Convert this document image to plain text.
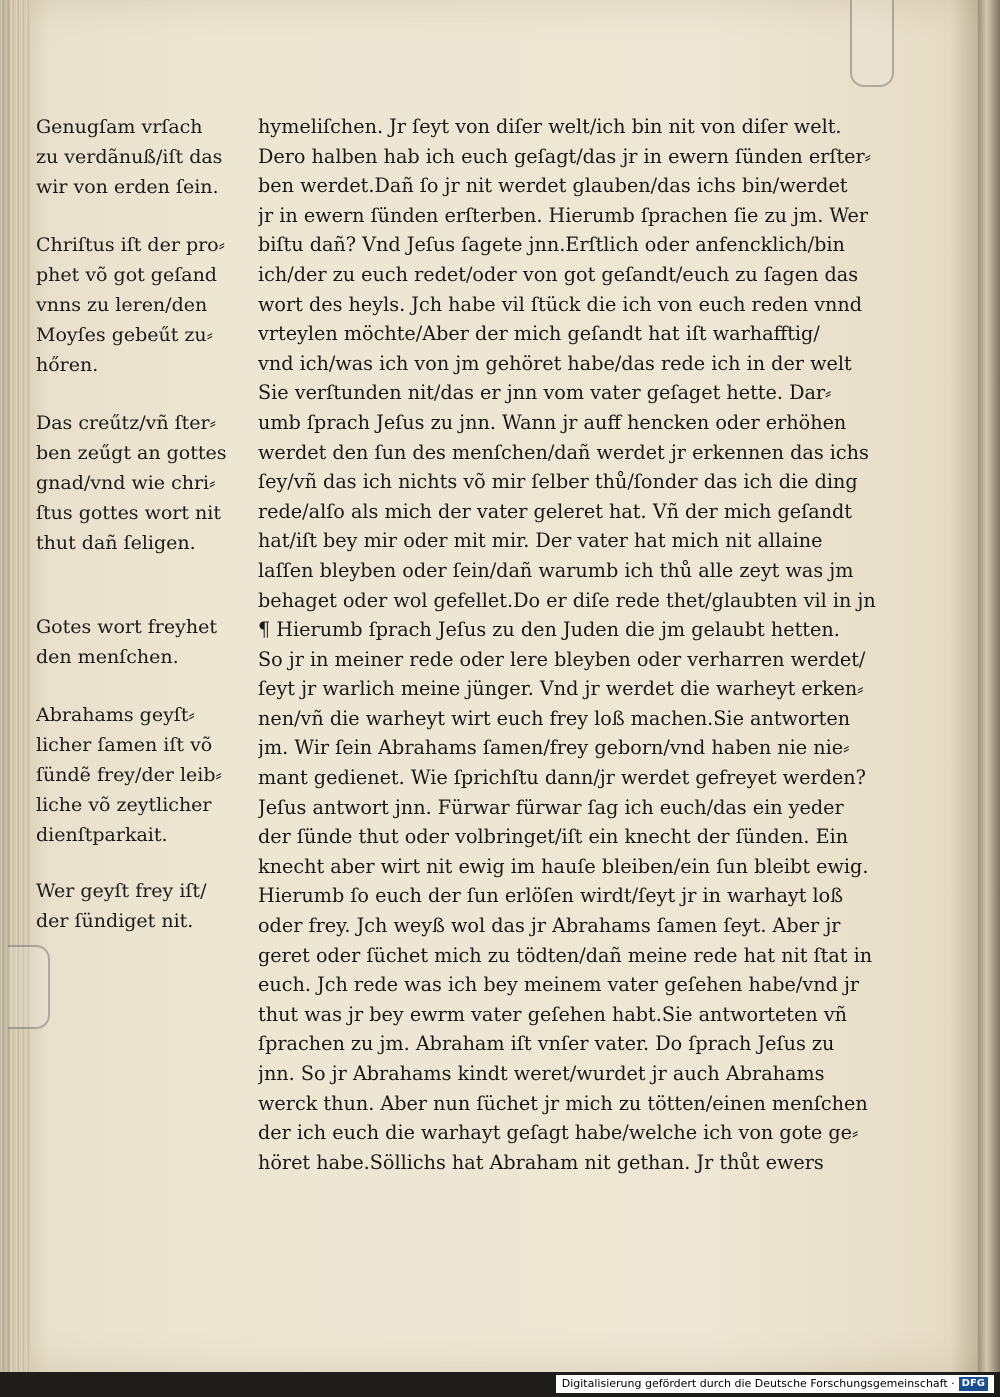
Genugſam vrſach
zu verdãnuß/iſt das
wir von erden ſein.
Chriſtus iſt der pro⸗
phet võ got geſand
vnns zu leren/den
Moyſes gebeűt zu⸗
hőren.
Das creűtz/vñ ſter⸗
ben zeűgt an gottes
gnad/vnd wie chri⸗
ſtus gottes wort nit
thut dañ ſeligen.
Gotes wort freyhet
den menſchen.
Abrahams geyſt⸗
licher ſamen iſt võ
ſündẽ frey/der leib⸗
liche võ zeytlicher
dienſtparkait.
Wer geyſt frey iſt/
der ſündiget nit.
hymeliſchen. Jr ſeyt von diſer welt/ich bin nit von diſer welt.
Dero halben hab ich euch geſagt/das jr in ewern ſünden erſter⸗
ben werdet.Dañ ſo jr nit werdet glauben/das ichs bin/werdet
jr in ewern ſünden erſterben. Hierumb ſprachen ſie zu jm. Wer
biſtu dañ? Vnd Jeſus ſagete jnn.Erſtlich oder anfencklich/bin
ich/der zu euch redet/oder von got geſandt/euch zu ſagen das
wort des heyls. Jch habe vil ſtück die ich von euch reden vnnd
vrteylen möchte/Aber der mich geſandt hat iſt warhafftig/
vnd ich/was ich von jm gehöret habe/das rede ich in der welt
Sie verſtunden nit/das er jnn vom vater geſaget hette. Dar⸗
umb ſprach Jeſus zu jnn. Wann jr auff hencken oder erhöhen
werdet den ſun des menſchen/dañ werdet jr erkennen das ichs
ſey/vñ das ich nichts võ mir ſelber thů/ſonder das ich die ding
rede/alſo als mich der vater geleret hat. Vñ der mich geſandt
hat/iſt bey mir oder mit mir. Der vater hat mich nit allaine
laſſen bleyben oder ſein/dañ warumb ich thů alle zeyt was jm
behaget oder wol gefellet.Do er diſe rede thet/glaubten vil in jn
¶ Hierumb ſprach Jeſus zu den Juden die jm gelaubt hetten.
So jr in meiner rede oder lere bleyben oder verharren werdet/
ſeyt jr warlich meine jünger. Vnd jr werdet die warheyt erken⸗
nen/vñ die warheyt wirt euch frey loß machen.Sie antworten
jm. Wir ſein Abrahams ſamen/frey geborn/vnd haben nie nie⸗
mant gedienet. Wie ſprichſtu dann/jr werdet gefreyet werden?
Jeſus antwort jnn. Fürwar fürwar ſag ich euch/das ein yeder
der ſünde thut oder volbringet/iſt ein knecht der ſünden. Ein
knecht aber wirt nit ewig im hauſe bleiben/ein ſun bleibt ewig.
Hierumb ſo euch der ſun erlöſen wirdt/ſeyt jr in warhayt loß
oder frey. Jch weyß wol das jr Abrahams ſamen ſeyt. Aber jr
geret oder ſüchet mich zu tödten/dañ meine rede hat nit ſtat in
euch. Jch rede was ich bey meinem vater geſehen habe/vnd jr
thut was jr bey ewrm vater geſehen habt.Sie antworteten vñ
ſprachen zu jm. Abraham iſt vnſer vater. Do ſprach Jeſus zu
jnn. So jr Abrahams kindt weret/wurdet jr auch Abrahams
werck thun. Aber nun ſüchet jr mich zu tötten/einen menſchen
der ich euch die warhayt geſagt habe/welche ich von gote ge⸗
höret habe.Söllichs hat Abraham nit gethan. Jr thůt ewers
Digitalisierung gefördert durch die Deutsche Forschungsgemeinschaft · DFG
